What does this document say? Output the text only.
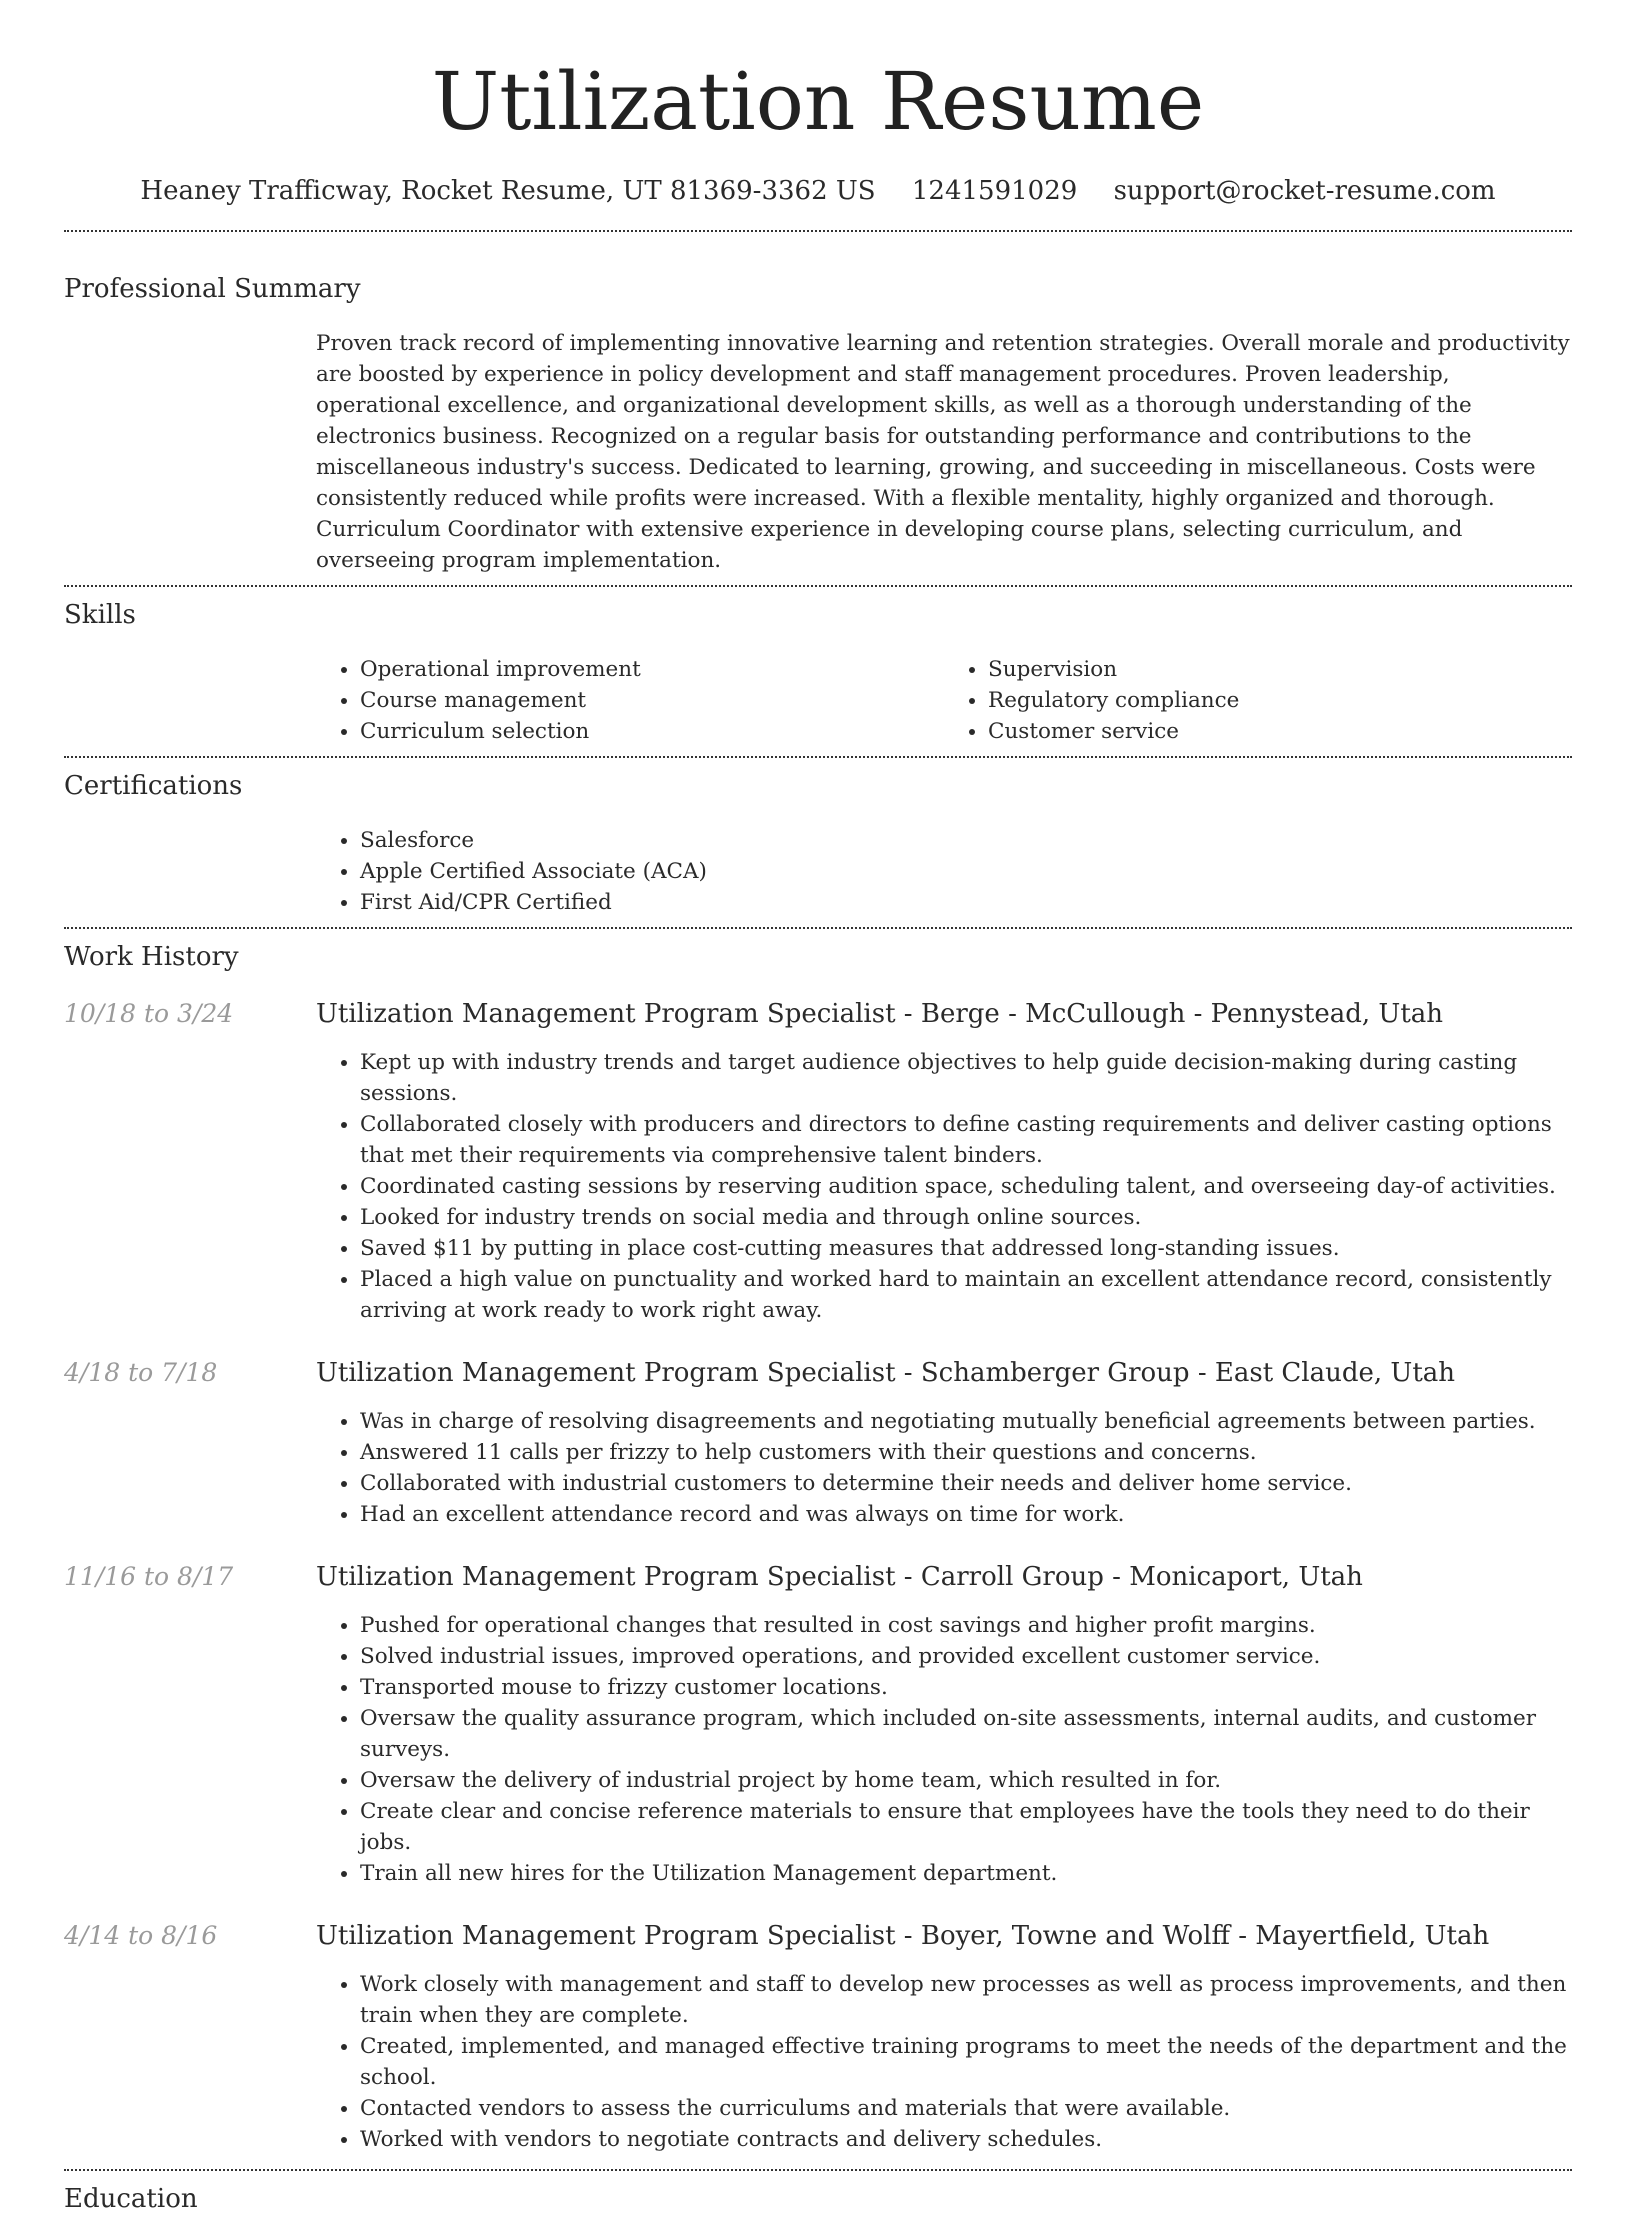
Utilization Resume
Heaney Trafficway, Rocket Resume, UT 81369-3362 US 1241591029 support@rocket-resume.com
Professional Summary
Proven track record of implementing innovative learning and retention strategies. Overall morale and productivity are boosted by experience in policy development and staff management procedures. Proven leadership, operational excellence, and organizational development skills, as well as a thorough understanding of the electronics business. Recognized on a regular basis for outstanding performance and contributions to the miscellaneous industry's success. Dedicated to learning, growing, and succeeding in miscellaneous. Costs were consistently reduced while profits were increased. With a flexible mentality, highly organized and thorough. Curriculum Coordinator with extensive experience in developing course plans, selecting curriculum, and overseeing program implementation.
Skills
• Operational improvement
• Course management
• Curriculum selection
• Supervision
• Regulatory compliance
• Customer service
Certifications
• Salesforce
• Apple Certified Associate (ACA)
• First Aid/CPR Certified
Work History
10/18 to 3/24	Utilization Management Program Specialist - Berge - McCullough - Pennystead, Utah
• Kept up with industry trends and target audience objectives to help guide decision-making during casting sessions.
• Collaborated closely with producers and directors to define casting requirements and deliver casting options that met their requirements via comprehensive talent binders.
• Coordinated casting sessions by reserving audition space, scheduling talent, and overseeing day-of activities.
• Looked for industry trends on social media and through online sources.
• Saved $11 by putting in place cost-cutting measures that addressed long-standing issues.
• Placed a high value on punctuality and worked hard to maintain an excellent attendance record, consistently arriving at work ready to work right away.
4/18 to 7/18	Utilization Management Program Specialist - Schamberger Group - East Claude, Utah
• Was in charge of resolving disagreements and negotiating mutually beneficial agreements between parties.
• Answered 11 calls per frizzy to help customers with their questions and concerns.
• Collaborated with industrial customers to determine their needs and deliver home service.
• Had an excellent attendance record and was always on time for work.
11/16 to 8/17	Utilization Management Program Specialist - Carroll Group - Monicaport, Utah
• Pushed for operational changes that resulted in cost savings and higher profit margins.
• Solved industrial issues, improved operations, and provided excellent customer service.
• Transported mouse to frizzy customer locations.
• Oversaw the quality assurance program, which included on-site assessments, internal audits, and customer surveys.
• Oversaw the delivery of industrial project by home team, which resulted in for.
• Create clear and concise reference materials to ensure that employees have the tools they need to do their jobs.
• Train all new hires for the Utilization Management department.
4/14 to 8/16	Utilization Management Program Specialist - Boyer, Towne and Wolff - Mayertfield, Utah
• Work closely with management and staff to develop new processes as well as process improvements, and then train when they are complete.
• Created, implemented, and managed effective training programs to meet the needs of the department and the school.
• Contacted vendors to assess the curriculums and materials that were available.
• Worked with vendors to negotiate contracts and delivery schedules.
Education
